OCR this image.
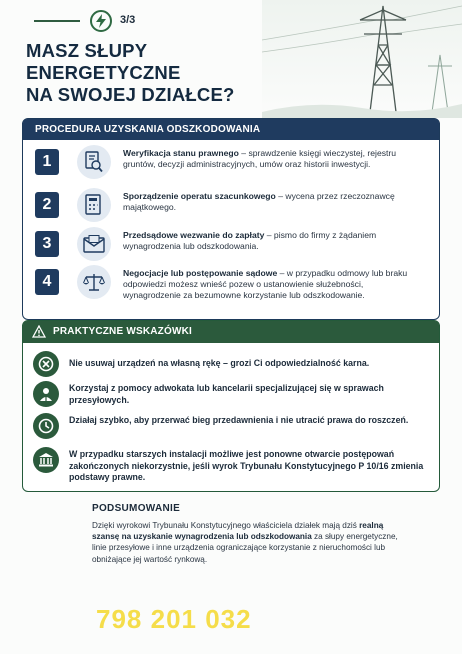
3/3
MASZ SŁUPY
ENERGETYCZNE
NA SWOJEJ DZIAŁCE?
PROCEDURA UZYSKANIA ODSZKODOWANIA
1	Weryfikacja stanu prawnego – sprawdzenie księgi wieczystej, rejestru gruntów, decyzji administracyjnych, umów oraz historii inwestycji.
2	Sporządzenie operatu szacunkowego – wycena przez rzeczoznawcę majątkowego.
3	Przedsądowe wezwanie do zapłaty – pismo do firmy z żądaniem wynagrodzenia lub odszkodowania.
4	Negocjacje lub postępowanie sądowe – w przypadku odmowy lub braku odpowiedzi możesz wnieść pozew o ustanowienie służebności, wynagrodzenie za bezumowne korzystanie lub odszkodowanie.
PRAKTYCZNE WSKAZÓWKI
Nie usuwaj urządzeń na własną rękę – grozi Ci odpowiedzialność karna.
Korzystaj z pomocy adwokata lub kancelarii specjalizującej się w sprawach przesyłowych.
Działaj szybko, aby przerwać bieg przedawnienia i nie utracić prawa do roszczeń.
W przypadku starszych instalacji możliwe jest ponowne otwarcie postępowań zakończonych niekorzystnie, jeśli wyrok Trybunału Konstytucyjnego P 10/16 zmienia podstawy prawne.
PODSUMOWANIE
Dzięki wyrokowi Trybunału Konstytucyjnego właściciela działek mają dziś realną szansę na uzyskanie wynagrodzenia lub odszkodowania za słupy energetyczne, linie przesyłowe i inne urządzenia ograniczające korzystanie z nieruchomości lub obniżające jej wartość rynkową.
798 201 032
